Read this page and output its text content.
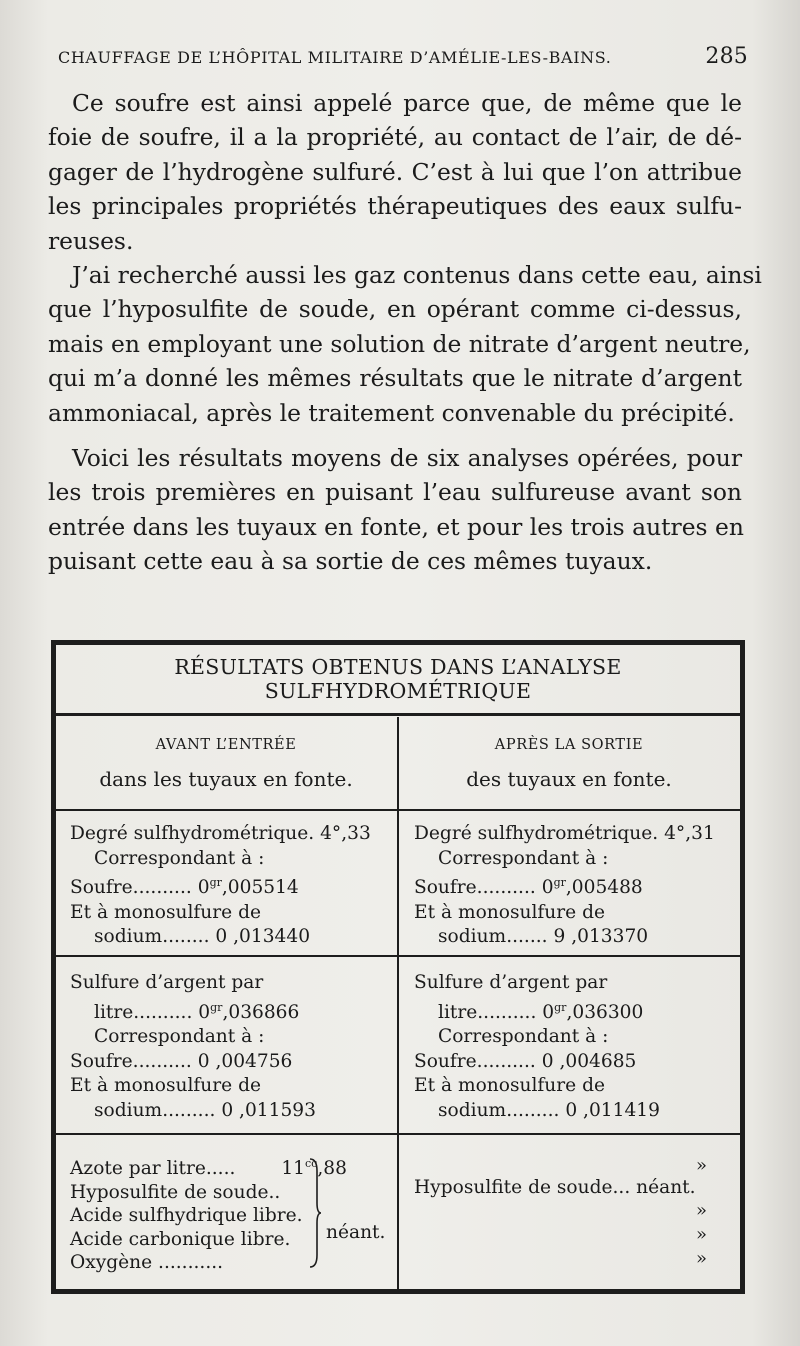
CHAUFFAGE DE L’HÔPITAL MILITAIRE D’AMÉLIE-LES-BAINS.	285
Ce soufre est ainsi appelé parce que, de même que le
foie de soufre, il a la propriété, au contact de l’air, de dé-
gager de l’hydrogène sulfuré. C’est à lui que l’on attribue
les principales propriétés thérapeutiques des eaux sulfu-
reuses.
J’ai recherché aussi les gaz contenus dans cette eau, ainsi
que l’hyposulfite de soude, en opérant comme ci-dessus,
mais en employant une solution de nitrate d’argent neutre,
qui m’a donné les mêmes résultats que le nitrate d’argent
ammoniacal, après le traitement convenable du précipité.
Voici les résultats moyens de six analyses opérées, pour
les trois premières en puisant l’eau sulfureuse avant son
entrée dans les tuyaux en fonte, et pour les trois autres en
puisant cette eau à sa sortie de ces mêmes tuyaux.
RÉSULTATS OBTENUS DANS L’ANALYSE SULFHYDROMÉTRIQUE
AVANT L’ENTRÉE
dans les tuyaux en fonte.
APRÈS LA SORTIE
des tuyaux en fonte.
Degré sulfhydrométrique. 4°,33
Correspondant à :
Soufre.......... $0^{gr},005514$
Et à monosulfure de
sodium........ 0 ,013440
Degré sulfhydrométrique. 4°,31
Correspondant à :
Soufre.......... $0^{gr},005488$
Et à monosulfure de
sodium....... 9 ,013370
Sulfure d’argent par
litre.......... $0^{gr},036866$
Correspondant à :
Soufre.......... 0 ,004756
Et à monosulfure de
sodium......... 0 ,011593
Sulfure d’argent par
litre.......... $0^{gr},036300$
Correspondant à :
Soufre.......... 0 ,004685
Et à monosulfure de
sodium......... 0 ,011419
Azote par litre..... $11^{cc},88$
Hyposulfite de soude..
Acide sulfhydrique libre.
Acide carbonique libre.
Oxygène ...........
néant.
»
Hyposulfite de soude... néant.
»
»
»
